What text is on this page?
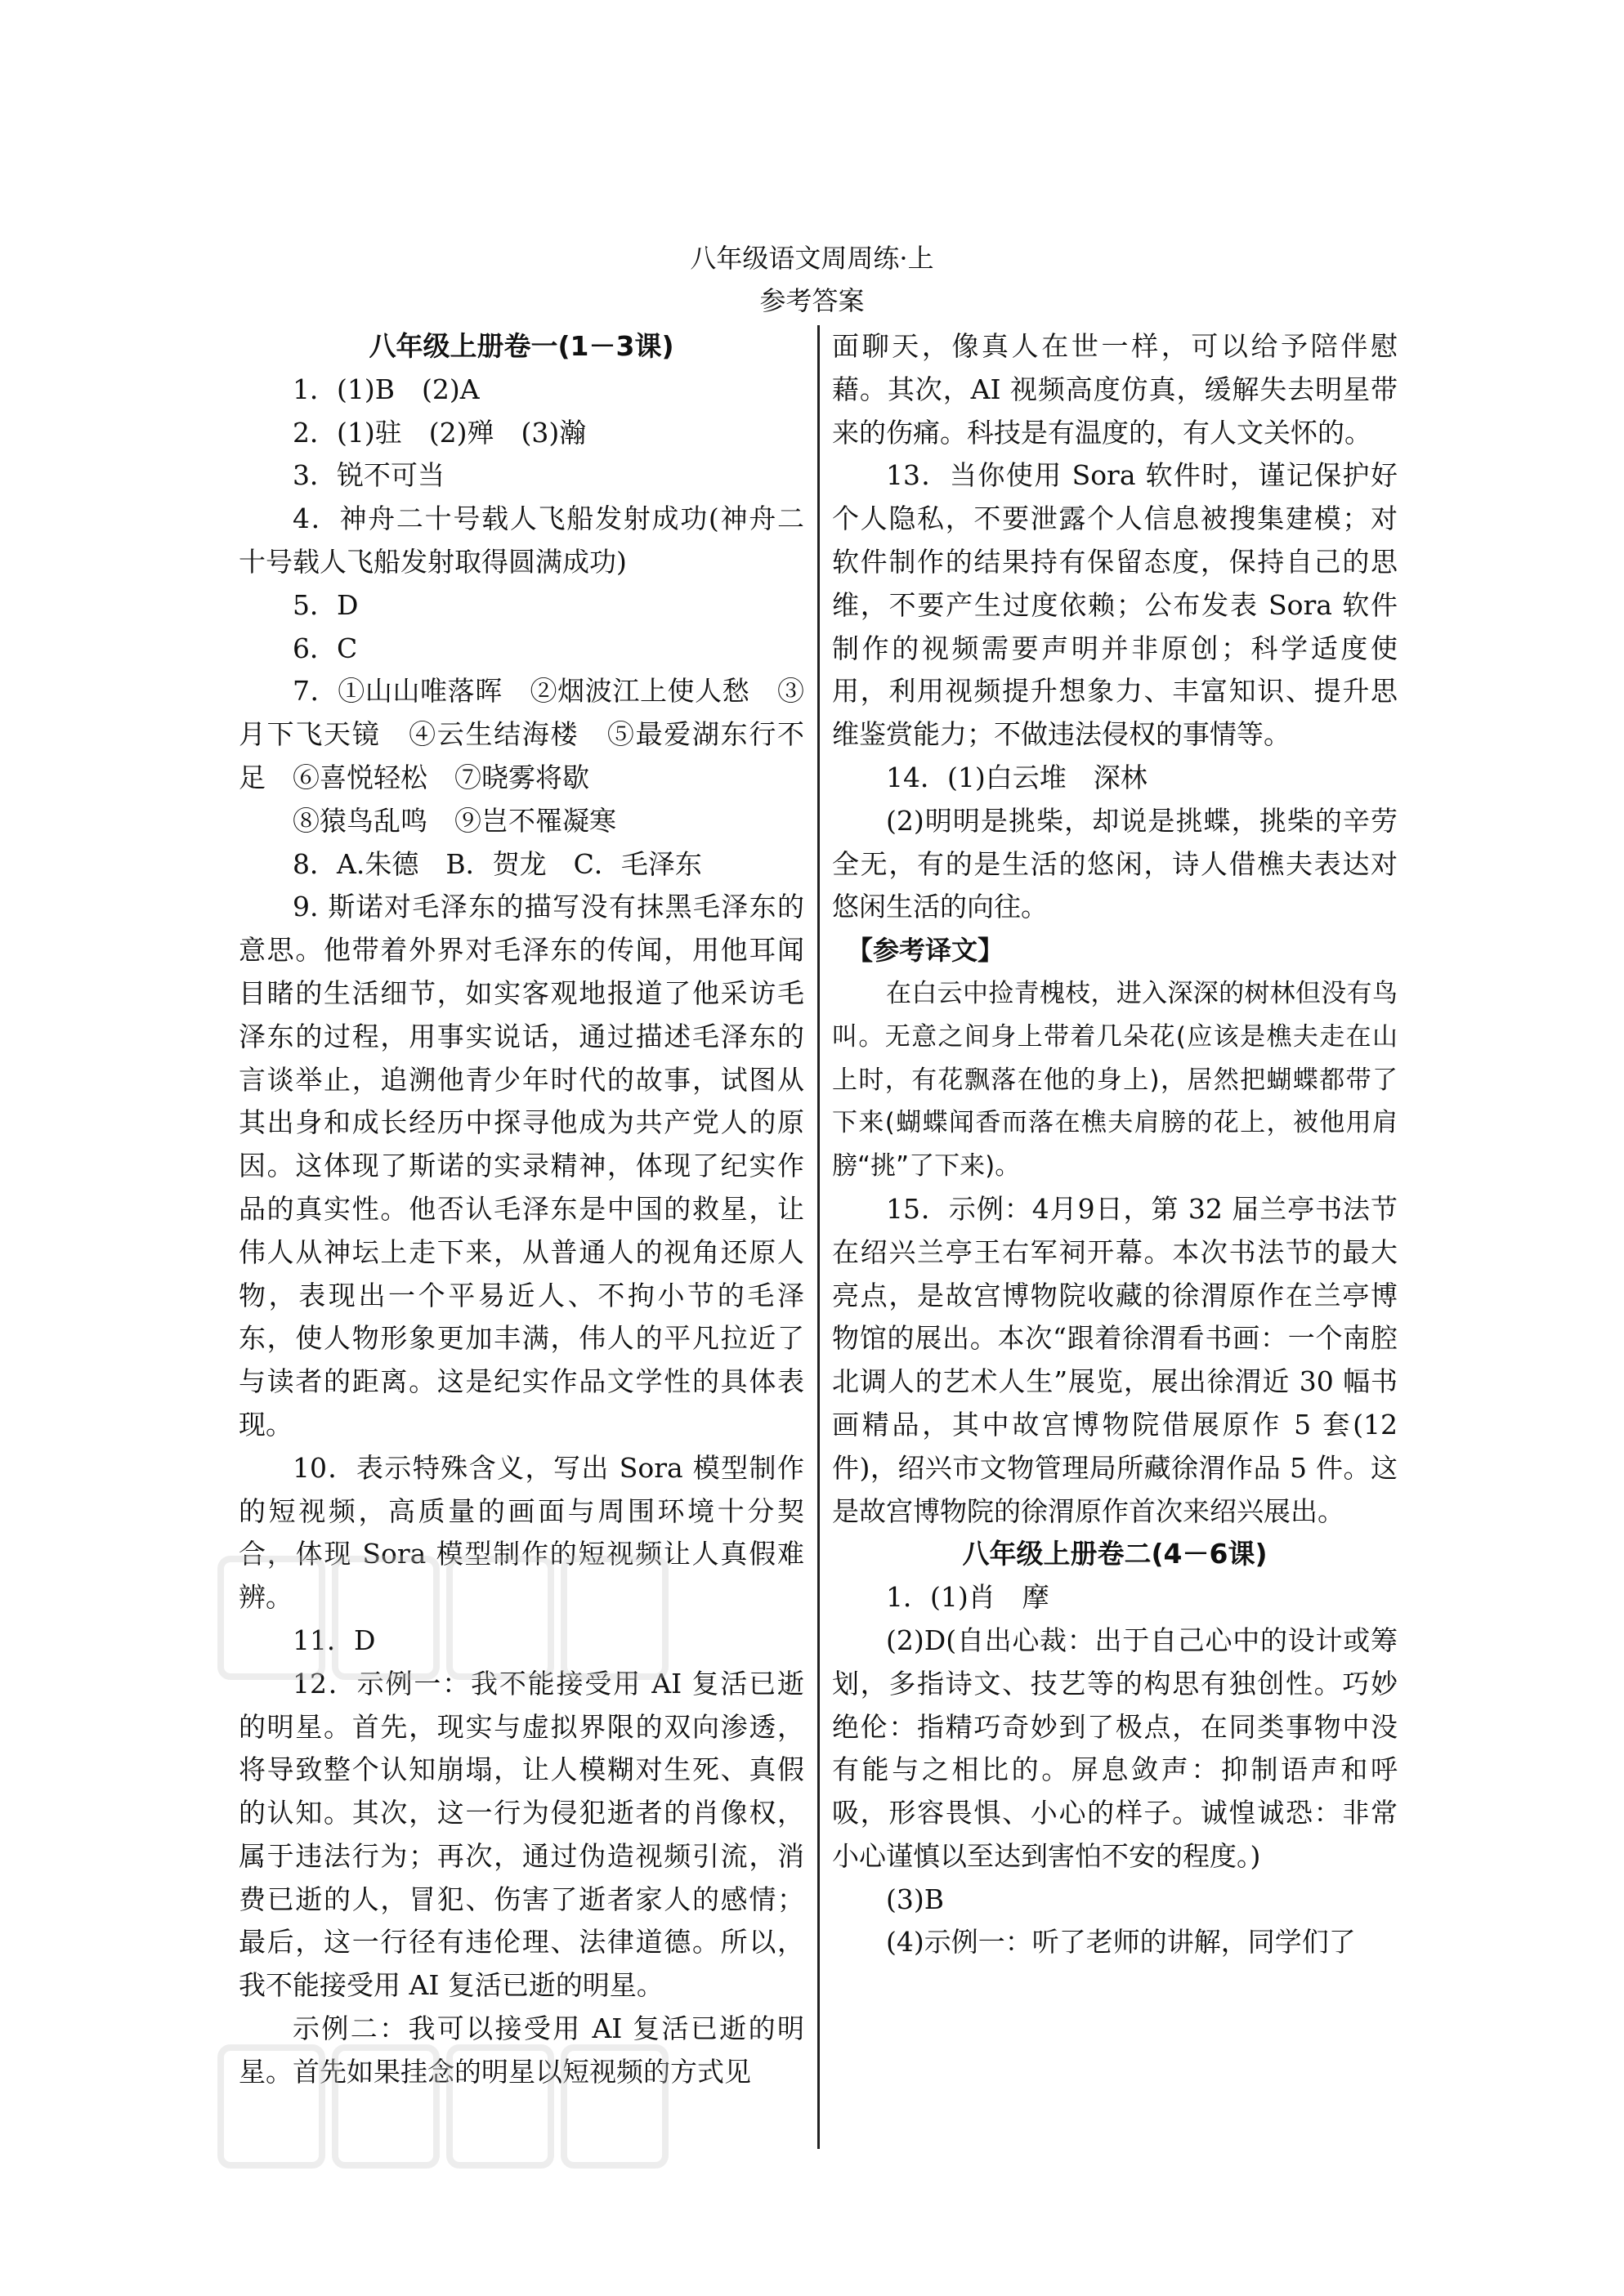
八年级语文周周练·上
参考答案

八年级上册卷一(1－3课)

1．(1)B　(2)A

2．(1)驻　(2)殚　(3)瀚

3．锐不可当

4．神舟二十号载人飞船发射成功(神舟二十号载人飞船发射取得圆满成功)

5．D

6．C

7．①山山唯落晖　②烟波江上使人愁　③月下飞天镜　④云生结海楼　⑤最爱湖东行不足　⑥喜悦轻松　⑦晓雾将歇

⑧猿鸟乱鸣　⑨岂不罹凝寒

8．A.朱德　B．贺龙　C．毛泽东

9. 斯诺对毛泽东的描写没有抹黑毛泽东的意思。他带着外界对毛泽东的传闻，用他耳闻目睹的生活细节，如实客观地报道了他采访毛泽东的过程，用事实说话，通过描述毛泽东的言谈举止，追溯他青少年时代的故事，试图从其出身和成长经历中探寻他成为共产党人的原因。这体现了斯诺的实录精神，体现了纪实作品的真实性。他否认毛泽东是中国的救星，让伟人从神坛上走下来，从普通人的视角还原人物，表现出一个平易近人、不拘小节的毛泽东，使人物形象更加丰满，伟人的平凡拉近了与读者的距离。这是纪实作品文学性的具体表现。

10．表示特殊含义，写出 Sora 模型制作的短视频，高质量的画面与周围环境十分契合，体现 Sora 模型制作的短视频让人真假难辨。

11．D

12．示例一：我不能接受用 AI 复活已逝的明星。首先，现实与虚拟界限的双向渗透，将导致整个认知崩塌，让人模糊对生死、真假的认知。其次，这一行为侵犯逝者的肖像权，属于违法行为；再次，通过伪造视频引流，消费已逝的人，冒犯、伤害了逝者家人的感情；最后，这一行径有违伦理、法律道德。所以，我不能接受用 AI 复活已逝的明星。

示例二：我可以接受用 AI 复活已逝的明星。首先如果挂念的明星以短视频的方式见

面聊天，像真人在世一样，可以给予陪伴慰藉。其次，AI 视频高度仿真，缓解失去明星带来的伤痛。科技是有温度的，有人文关怀的。

13．当你使用 Sora 软件时，谨记保护好个人隐私，不要泄露个人信息被搜集建模；对软件制作的结果持有保留态度，保持自己的思维，不要产生过度依赖；公布发表 Sora 软件制作的视频需要声明并非原创；科学适度使用，利用视频提升想象力、丰富知识、提升思维鉴赏能力；不做违法侵权的事情等。

14．(1)白云堆　深林

(2)明明是挑柴，却说是挑蝶，挑柴的辛劳全无，有的是生活的悠闲，诗人借樵夫表达对悠闲生活的向往。

【参考译文】

在白云中捡青槐枝，进入深深的树林但没有鸟叫。无意之间身上带着几朵花(应该是樵夫走在山上时，有花飘落在他的身上)，居然把蝴蝶都带了下来(蝴蝶闻香而落在樵夫肩膀的花上，被他用肩膀“挑”了下来)。

15．示例：4月9日，第 32 届兰亭书法节在绍兴兰亭王右军祠开幕。本次书法节的最大亮点，是故宫博物院收藏的徐渭原作在兰亭博物馆的展出。本次“跟着徐渭看书画：一个南腔北调人的艺术人生”展览，展出徐渭近 30 幅书画精品，其中故宫博物院借展原作 5 套(12 件)，绍兴市文物管理局所藏徐渭作品 5 件。这是故宫博物院的徐渭原作首次来绍兴展出。

八年级上册卷二(4－6课)

1．(1)肖　摩

(2)D(自出心裁：出于自己心中的设计或筹划，多指诗文、技艺等的构思有独创性。巧妙绝伦：指精巧奇妙到了极点，在同类事物中没有能与之相比的。屏息敛声：抑制语声和呼吸，形容畏惧、小心的样子。诚惶诚恐：非常小心谨慎以至达到害怕不安的程度。)

(3)B

(4)示例一：听了老师的讲解，同学们了
